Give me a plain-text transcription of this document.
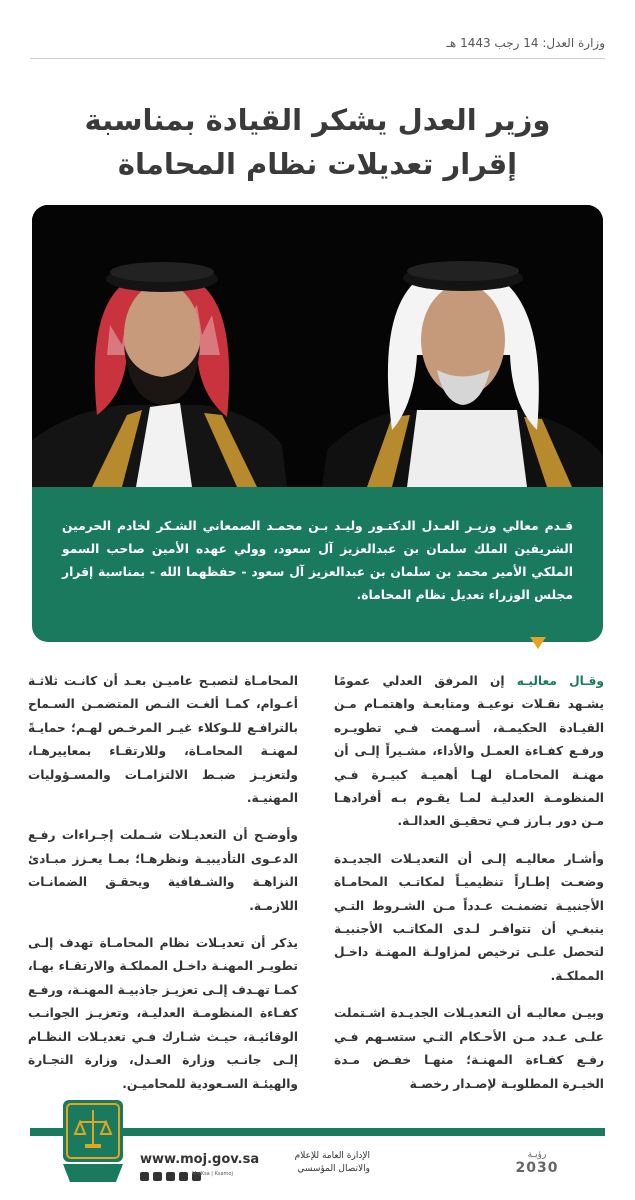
وزارة العدل: 14 رجب 1443 هـ
وزير العدل يشكر القيادة بمناسبة
إقرار تعديلات نظام المحاماة
قـدم معالي وزيـر العـدل الدكتـور وليـد بـن محمـد الصمعاني الشـكر لخادم الحرمين الشريفين الملك سلمان بن عبدالعزيز آل سعود، وولي عهده الأمين صاحب السمو الملكي الأمير محمد بن سلمان بن عبدالعزيز آل سعود - حفظهما الله - بمناسبة إقرار مجلس الوزراء تعديل نظام المحاماة.

وقـال معاليـه إن المرفق العدلي عمومًا يشـهد نقـلات نوعيـة ومتابعـة واهتمـام مـن القيـادة الحكيمـة، أسـهمت فـي تطويـره ورفـع كفـاءة العمـل والأداء، مشـيراً إلـى أن مهنـة المحامـاة لهـا أهميـة كبيـرة فـي المنظومـة العدليـة لمـا يقـوم بـه أفرادهـا مـن دور بـارز فـي تحقيـق العدالـة.

وأشـار معاليـه إلـى أن التعديـلات الجديـدة وضعـت إطـاراً تنظيميـاً لمكاتـب المحامـاة الأجنبيـة تضمنـت عـدداً مـن الشـروط التـي ينبغـي أن تتوافـر لـدى المكاتـب الأجنبيـة لتحصل علـى ترخيص لمزاولـة المهنـة داخـل المملكـة.

وبيـن معاليـه أن التعديـلات الجديـدة اشـتملت علـى عـدد مـن الأحـكام التـي ستسـهم فـي رفـع كفـاءة المهنـة؛ منهـا خفـض مـدة الخبـرة المطلوبـة لإصـدار رخصـة

المحامـاة لتصبـح عاميـن بعـد أن كانـت ثلاثـة أعـوام، كمـا ألغـت النـص المتضمـن السـماح بالترافـع للـوكلاء غيـر المرخـص لهـم؛ حمايـةً لمهنـة المحامـاة، وللارتقـاء بمعاييرهـا، ولتعزيـز ضبـط الالتزامـات والمسـؤوليات المهنيـة.

وأوضـح أن التعديـلات شـملت إجـراءات رفـع الدعـوى التأديبيـة ونظرهـا؛ بمـا يعـزز مبـادئ النزاهـة والشـفافية ويحقـق الضمانـات اللازمـة.

يذكر أن تعديـلات نظام المحامـاة تهدف إلـى تطويـر المهنـة داخـل المملكـة والارتقـاء بهـا، كمـا تهـدف إلـى تعزيـز جاذبيـة المهنـة، ورفـع كفـاءة المنظومـة العدليـة، وتعزيـز الجوانـب الوقائيـة، حيـث شـارك فـي تعديـلات النظـام إلـى جانـب وزارة العـدل، وزارة التجـارة والهيئـة السـعودية للمحاميـن.

www.moj.gov.sa
MojKsa | Ksamoj
الإدارة العامة للإعلام
والاتصال المؤسسي
رؤيـة
2030
